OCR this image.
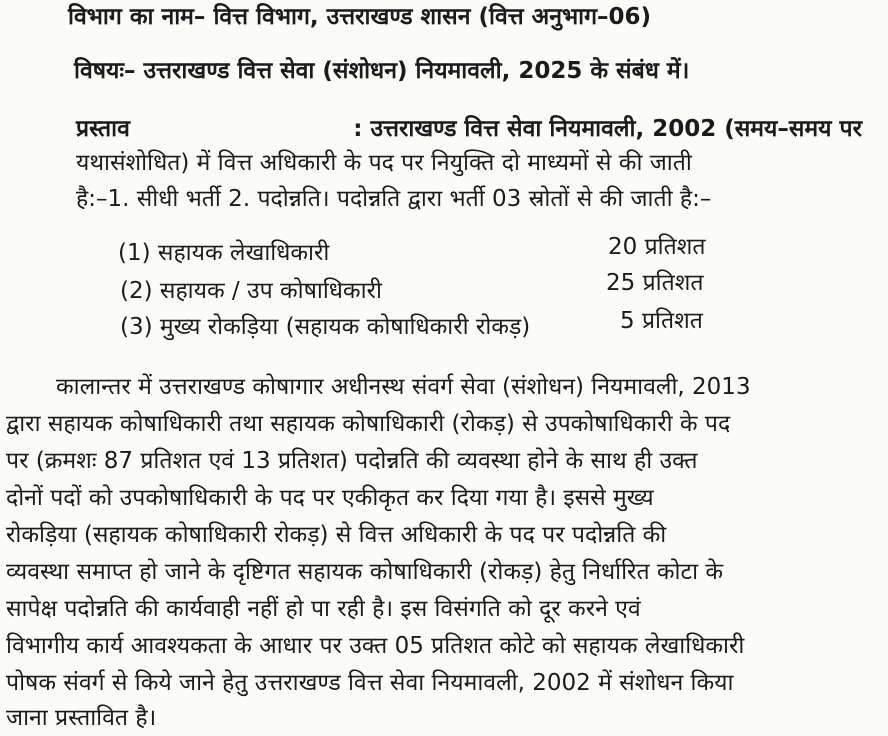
विभाग का नाम– वित्त विभाग, उत्तराखण्ड शासन (वित्त अनुभाग–06)
विषयः– उत्तराखण्ड वित्त सेवा (संशोधन) नियमावली, 2025 के संबंध में।
प्रस्ताव	: उत्तराखण्ड वित्त सेवा नियमावली, 2002 (समय–समय पर
यथासंशोधित) में वित्त अधिकारी के पद पर नियुक्ति दो माध्यमों से की जाती
है:–1. सीधी भर्ती 2. पदोन्नति। पदोन्नति द्वारा भर्ती 03 स्रोतों से की जाती है:–
(1) सहायक लेखाधिकारी	20 प्रतिशत
(2) सहायक / उप कोषाधिकारी	25 प्रतिशत
(3) मुख्य रोकड़िया (सहायक कोषाधिकारी रोकड़)	5 प्रतिशत
कालान्तर में उत्तराखण्ड कोषागार अधीनस्थ संवर्ग सेवा (संशोधन) नियमावली, 2013
द्वारा सहायक कोषाधिकारी तथा सहायक कोषाधिकारी (रोकड़) से उपकोषाधिकारी के पद
पर (क्रमशः 87 प्रतिशत एवं 13 प्रतिशत) पदोन्नति की व्यवस्था होने के साथ ही उक्त
दोनों पदों को उपकोषाधिकारी के पद पर एकीकृत कर दिया गया है। इससे मुख्य
रोकड़िया (सहायक कोषाधिकारी रोकड़) से वित्त अधिकारी के पद पर पदोन्नति की
व्यवस्था समाप्त हो जाने के दृष्टिगत सहायक कोषाधिकारी (रोकड़) हेतु निर्धारित कोटा के
सापेक्ष पदोन्नति की कार्यवाही नहीं हो पा रही है। इस विसंगति को दूर करने एवं
विभागीय कार्य आवश्यकता के आधार पर उक्त 05 प्रतिशत कोटे को सहायक लेखाधिकारी
पोषक संवर्ग से किये जाने हेतु उत्तराखण्ड वित्त सेवा नियमावली, 2002 में संशोधन किया
जाना प्रस्तावित है।
